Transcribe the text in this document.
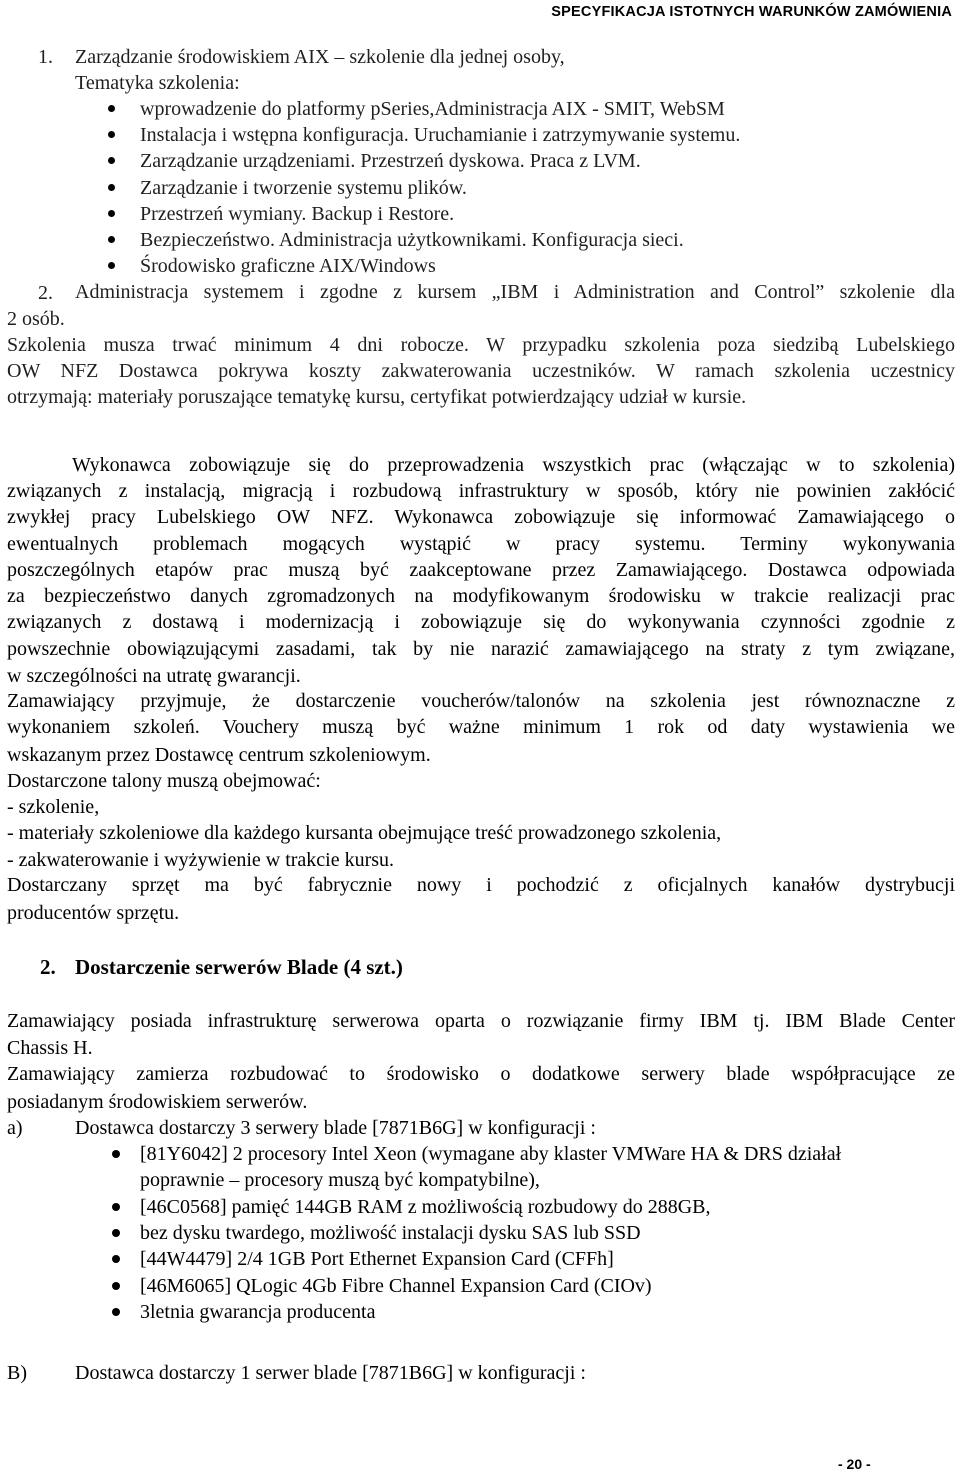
SPECYFIKACJA ISTOTNYCH WARUNKÓW ZAMÓWIENIA
1. Zarządzanie środowiskiem AIX – szkolenie dla jednej osoby,
Tematyka szkolenia:
wprowadzenie do platformy pSeries,Administracja AIX - SMIT, WebSM
Instalacja i wstępna konfiguracja. Uruchamianie i zatrzymywanie systemu.
Zarządzanie urządzeniami. Przestrzeń dyskowa. Praca z LVM.
Zarządzanie i tworzenie systemu plików.
Przestrzeń wymiany. Backup i Restore.
Bezpieczeństwo. Administracja użytkownikami. Konfiguracja sieci.
Środowisko graficzne AIX/Windows
2. Administracja systemem i zgodne z kursem „IBM i Administration and Control” szkolenie dla
2 osób.
Szkolenia musza trwać minimum 4 dni robocze. W przypadku szkolenia poza siedzibą Lubelskiego
OW NFZ Dostawca pokrywa koszty zakwaterowania uczestników. W ramach szkolenia uczestnicy
otrzymają: materiały poruszające tematykę kursu, certyfikat potwierdzający udział w kursie.
Wykonawca zobowiązuje się do przeprowadzenia wszystkich prac (włączając w to szkolenia)
związanych z instalacją, migracją i rozbudową infrastruktury w sposób, który nie powinien zakłócić
zwykłej pracy Lubelskiego OW NFZ. Wykonawca zobowiązuje się informować Zamawiającego o
ewentualnych problemach mogących wystąpić w pracy systemu. Terminy wykonywania
poszczególnych etapów prac muszą być zaakceptowane przez Zamawiającego. Dostawca odpowiada
za bezpieczeństwo danych zgromadzonych na modyfikowanym środowisku w trakcie realizacji prac
związanych z dostawą i modernizacją i zobowiązuje się do wykonywania czynności zgodnie z
powszechnie obowiązującymi zasadami, tak by nie narazić zamawiającego na straty z tym związane,
w szczególności na utratę gwarancji.
Zamawiający przyjmuje, że dostarczenie voucherów/talonów na szkolenia jest równoznaczne z
wykonaniem szkoleń. Vouchery muszą być ważne minimum 1 rok od daty wystawienia we
wskazanym przez Dostawcę centrum szkoleniowym.
Dostarczone talony muszą obejmować:
- szkolenie,
- materiały szkoleniowe dla każdego kursanta obejmujące treść prowadzonego szkolenia,
- zakwaterowanie i wyżywienie w trakcie kursu.
Dostarczany sprzęt ma być fabrycznie nowy i pochodzić z oficjalnych kanałów dystrybucji
producentów sprzętu.
2. Dostarczenie serwerów Blade (4 szt.)
Zamawiający posiada infrastrukturę serwerowa oparta o rozwiązanie firmy IBM tj. IBM Blade Center
Chassis H.
Zamawiający zamierza rozbudować to środowisko o dodatkowe serwery blade współpracujące ze
posiadanym środowiskiem serwerów.
a)	Dostawca dostarczy 3 serwery blade [7871B6G] w konfiguracji :
[81Y6042] 2 procesory Intel Xeon (wymagane aby klaster VMWare HA & DRS działał
poprawnie – procesory muszą być kompatybilne),
[46C0568] pamięć 144GB RAM z możliwością rozbudowy do 288GB,
bez dysku twardego, możliwość instalacji dysku SAS lub SSD
[44W4479] 2/4 1GB Port Ethernet Expansion Card (CFFh]
[46M6065] QLogic 4Gb Fibre Channel Expansion Card (CIOv)
3letnia gwarancja producenta
B) Dostawca dostarczy 1 serwer blade [7871B6G] w konfiguracji :
- 20 -
